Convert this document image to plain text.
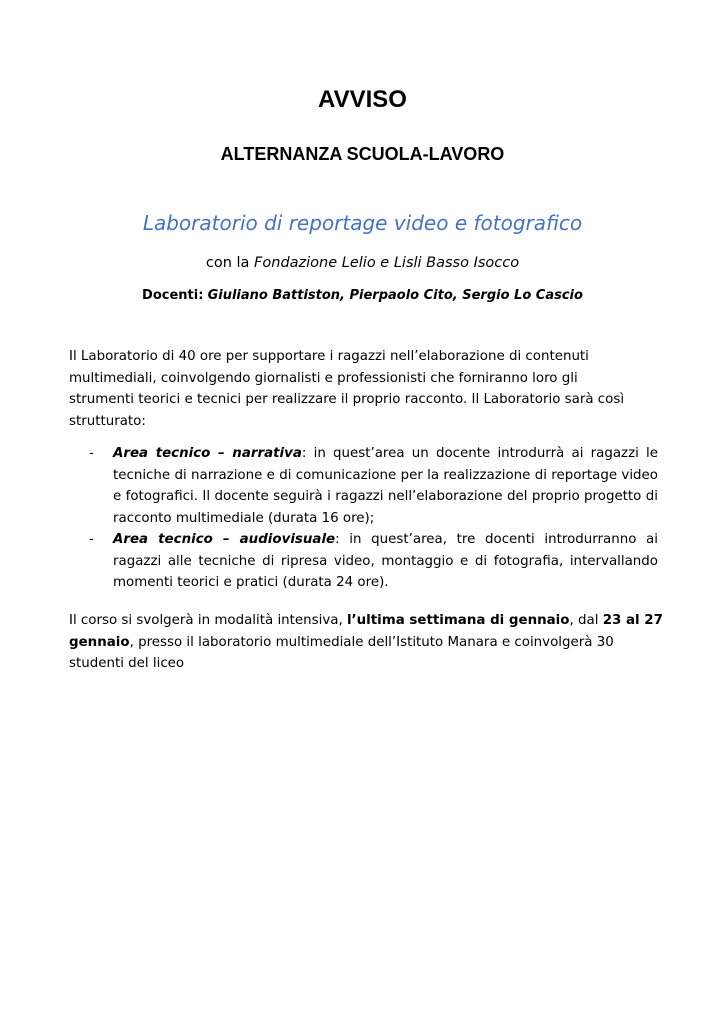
AVVISO
ALTERNANZA SCUOLA-LAVORO
Laboratorio di reportage video e fotografico
con la Fondazione Lelio e Lisli Basso Isocco
Docenti: Giuliano Battiston, Pierpaolo Cito, Sergio Lo Cascio
Il Laboratorio di 40 ore per supportare i ragazzi nell’elaborazione di contenuti
multimediali, coinvolgendo giornalisti e professionisti che forniranno loro gli
strumenti teorici e tecnici per realizzare il proprio racconto. Il Laboratorio sarà così
strutturato:

- Area tecnico – narrativa: in quest’area un docente introdurrà ai ragazzi le tecniche di narrazione e di comunicazione per la realizzazione di reportage video e fotografici. Il docente seguirà i ragazzi nell’elaborazione del proprio progetto di racconto multimediale (durata 16 ore);

- Area tecnico – audiovisuale: in quest’area, tre docenti introdurranno ai ragazzi alle tecniche di ripresa video, montaggio e di fotografia, intervallando momenti teorici e pratici (durata 24 ore).

Il corso si svolgerà in modalità intensiva, l’ultima settimana di gennaio, dal 23 al 27
gennaio, presso il laboratorio multimediale dell’Istituto Manara e coinvolgerà 30
studenti del liceo
